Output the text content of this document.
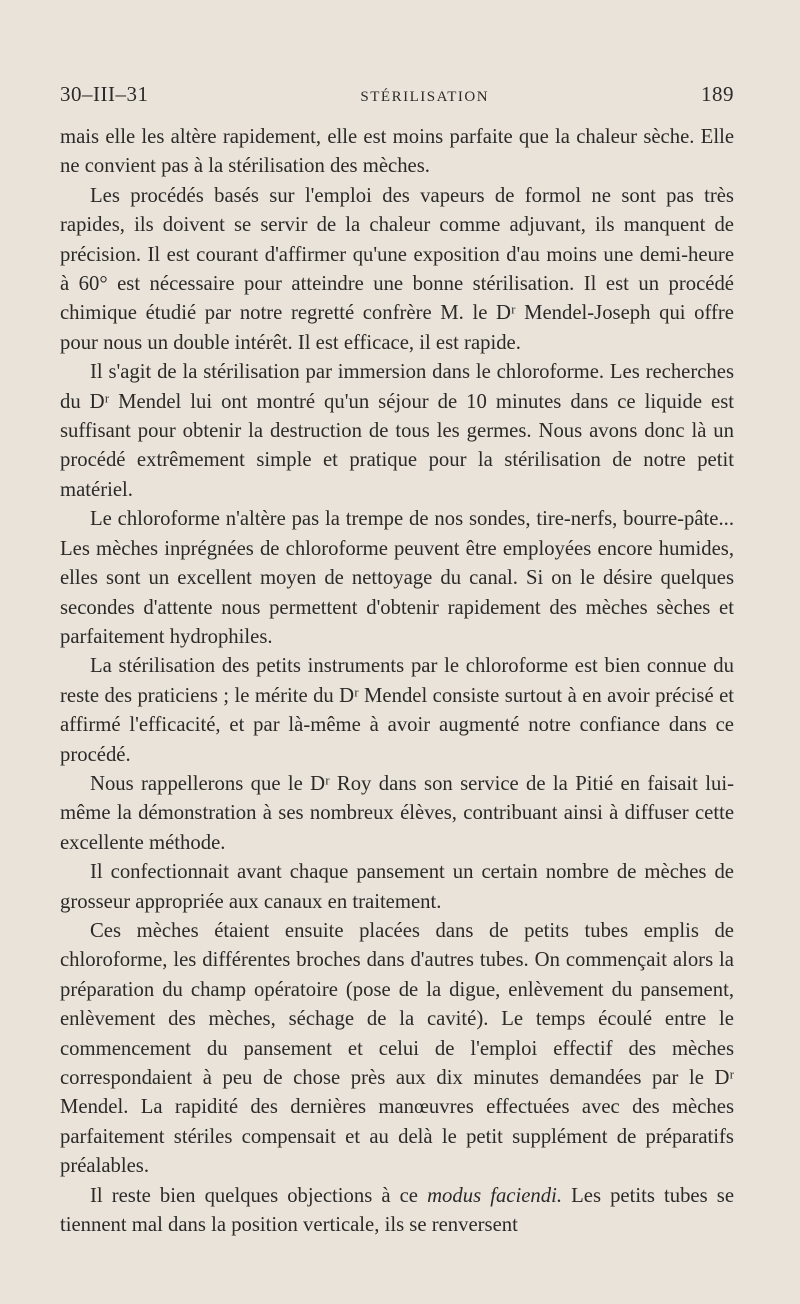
30–III–31	STÉRILISATION	189

mais elle les altère rapidement, elle est moins parfaite que la chaleur sèche. Elle ne convient pas à la stérilisation des mèches.

Les procédés basés sur l'emploi des vapeurs de formol ne sont pas très rapides, ils doivent se servir de la chaleur comme adjuvant, ils manquent de précision. Il est courant d'affirmer qu'une exposition d'au moins une demi-heure à 60° est nécessaire pour atteindre une bonne stérilisation. Il est un procédé chimique étudié par notre regretté confrère M. le Dʳ Mendel-Joseph qui offre pour nous un double intérêt. Il est efficace, il est rapide.

Il s'agit de la stérilisation par immersion dans le chloroforme. Les recherches du Dʳ Mendel lui ont montré qu'un séjour de 10 minutes dans ce liquide est suffisant pour obtenir la destruction de tous les germes. Nous avons donc là un procédé extrêmement simple et pratique pour la stérilisation de notre petit matériel.

Le chloroforme n'altère pas la trempe de nos sondes, tire-nerfs, bourre-pâte... Les mèches inprégnées de chloroforme peuvent être employées encore humides, elles sont un excellent moyen de nettoyage du canal. Si on le désire quelques secondes d'attente nous permettent d'obtenir rapidement des mèches sèches et parfaitement hydrophiles.

La stérilisation des petits instruments par le chloroforme est bien connue du reste des praticiens ; le mérite du Dʳ Mendel consiste surtout à en avoir précisé et affirmé l'efficacité, et par là-même à avoir augmenté notre confiance dans ce procédé.

Nous rappellerons que le Dʳ Roy dans son service de la Pitié en faisait lui-même la démonstration à ses nombreux élèves, contribuant ainsi à diffuser cette excellente méthode.

Il confectionnait avant chaque pansement un certain nombre de mèches de grosseur appropriée aux canaux en traitement.

Ces mèches étaient ensuite placées dans de petits tubes emplis de chloroforme, les différentes broches dans d'autres tubes. On commençait alors la préparation du champ opératoire (pose de la digue, enlèvement du pansement, enlèvement des mèches, séchage de la cavité). Le temps écoulé entre le commencement du pansement et celui de l'emploi effectif des mèches correspondaient à peu de chose près aux dix minutes demandées par le Dʳ Mendel. La rapidité des dernières manœuvres effectuées avec des mèches parfaitement stériles compensait et au delà le petit supplément de préparatifs préalables.

Il reste bien quelques objections à ce modus faciendi. Les petits tubes se tiennent mal dans la position verticale, ils se renversent
